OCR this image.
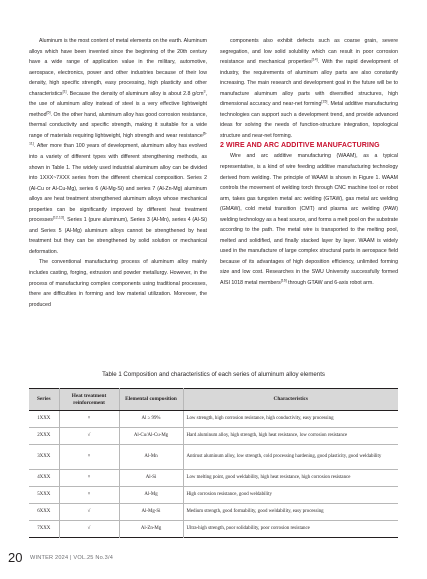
Aluminum is the most content of metal elements on the earth. Aluminum alloys which have been invented since the beginning of the 20th century have a wide range of application value in the military, automotive, aerospace, electronics, power and other industries because of their low density, high specific strength, easy processing, high plasticity and other characteristics[1]. Because the density of aluminum alloy is about 2.8 $g/cm^3$, the use of aluminum alloy instead of steel is a very effective lightweight method[5]. On the other hand, aluminum alloy has good corrosion resistance, thermal conductivity and specific strength, making it suitable for a wide range of materials requiring lightweight, high strength and wear resistance[6-11]. After more than 100 years of development, aluminum alloy has evolved into a variety of different types with different strengthening methods, as shown in Table 1. The widely used industrial aluminum alloy can be divided into 1XXX~7XXX series from the different chemical composition. Series 2 (Al-Cu or Al-Cu-Mg), series 6 (Al-Mg-Si) and series 7 (Al-Zn-Mg) aluminum alloys are heat treatment strengthened aluminum alloys whose mechanical properties can be significantly improved by different heat treatment processes[12,13]. Series 1 (pure aluminum), Series 3 (Al-Mn), series 4 (Al-Si) and Series 5 (Al-Mg) aluminum alloys cannot be strengthened by heat treatment but they can be strengthened by solid solution or mechanical deformation.

The conventional manufacturing process of aluminum alloy mainly includes casting, forging, extrusion and powder metallurgy. However, in the process of manufacturing complex components using traditional processes, there are difficulties in forming and low material utilization. Moreover, the produced

components also exhibit defects such as coarse grain, severe segregation, and low solid solubility which can result in poor corrosion resistance and mechanical properties[14]. With the rapid development of industry, the requirements of aluminum alloy parts are also constantly increasing. The main research and development goal in the future will be to manufacture aluminum alloy parts with diversified structures, high dimensional accuracy and near-net forming[15]. Metal additive manufacturing technologies can support such a development trend, and provide advanced ideas for solving the needs of function-structure integration, topological structure and near-net forming.

2 WIRE AND ARC ADDITIVE MANUFACTURING

Wire and arc additive manufacturing (WAAM), as a typical representative, is a kind of wire feeding additive manufacturing technology derived from welding. The principle of WAAM is shown in Figure 1. WAAM controls the movement of welding torch through CNC machine tool or robot arm, takes gas tungsten metal arc welding (GTAW), gas metal arc welding (GMAW), cold metal transition (CMT) and plasma arc welding (PAW) welding technology as a heat source, and forms a melt pool on the substrate according to the path. The metal wire is transported to the melting pool, melted and solidified, and finally stacked layer by layer. WAAM is widely used in the manufacture of large complex structural parts in aerospace field because of its advantages of high deposition efficiency, unlimited forming size and low cost. Researches in the SWU University successfully formed AISI 1018 metal members[16] through GTAW and 6-axis robot arm.

Table 1 Composition and characteristics of each series of aluminum alloy elements
Series	Heat treatment reinforcement	Elemental composition	Characteristics
1XXX	×	Al ≥ 99%	Low strength, high corrosion resistance, high conductivity, easy processing
2XXX	√	Al-Cu/Al-Cu-Mg	Hard aluminum alloy, high strength, high heat resistance, low corrosion resistance
3XXX	×	Al-Mn	Antirust aluminum alloy, low strength, cold processing hardening, good plasticity, good weldability
4XXX	×	Al-Si	Low melting point, good weldability, high heat resistance, high corrosion resistance
5XXX	×	Al-Mg	High corrosion resistance, good weldability
6XXX	√	Al-Mg-Si	Medium strength, good formability, good weldability, easy processing
7XXX	√	Al-Zn-Mg	Ultra-high strength, poor solidability, poor corrosion resistance
20 WINTER 2024 | VOL.25 No.3/4
